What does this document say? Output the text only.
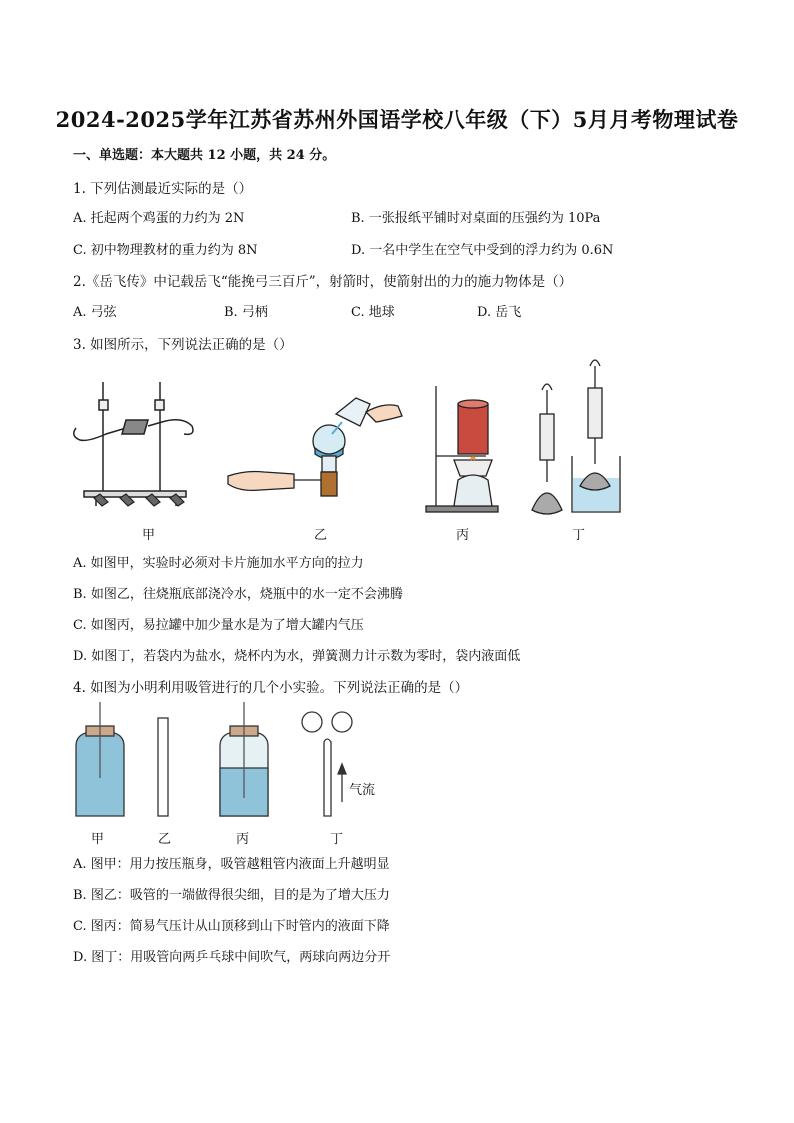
2024-2025学年江苏省苏州外国语学校八年级（下）5月月考物理试卷
一、单选题：本大题共 12 小题，共 24 分。
1. 下列估测最近实际的是（）
A. 托起两个鸡蛋的力约为 2N	B. 一张报纸平铺时对桌面的压强约为 10Pa
C. 初中物理教材的重力约为 8N	D. 一名中学生在空气中受到的浮力约为 0.6N
2.《岳飞传》中记载岳飞“能挽弓三百斤”，射箭时，使箭射出的力的施力物体是（）
A. 弓弦	B. 弓柄	C. 地球	D. 岳飞
3. 如图所示，下列说法正确的是（）
甲	乙	丙	丁
A. 如图甲，实验时必须对卡片施加水平方向的拉力
B. 如图乙，往烧瓶底部浇冷水，烧瓶中的水一定不会沸腾
C. 如图丙，易拉罐中加少量水是为了增大罐内气压
D. 如图丁，若袋内为盐水，烧杯内为水，弹簧测力计示数为零时，袋内液面低
4. 如图为小明利用吸管进行的几个小实验。下列说法正确的是（）
气流
甲	乙	丙	丁
A. 图甲：用力按压瓶身，吸管越粗管内液面上升越明显
B. 图乙：吸管的一端做得很尖细，目的是为了增大压力
C. 图丙：简易气压计从山顶移到山下时管内的液面下降
D. 图丁：用吸管向两乒乓球中间吹气，两球向两边分开
